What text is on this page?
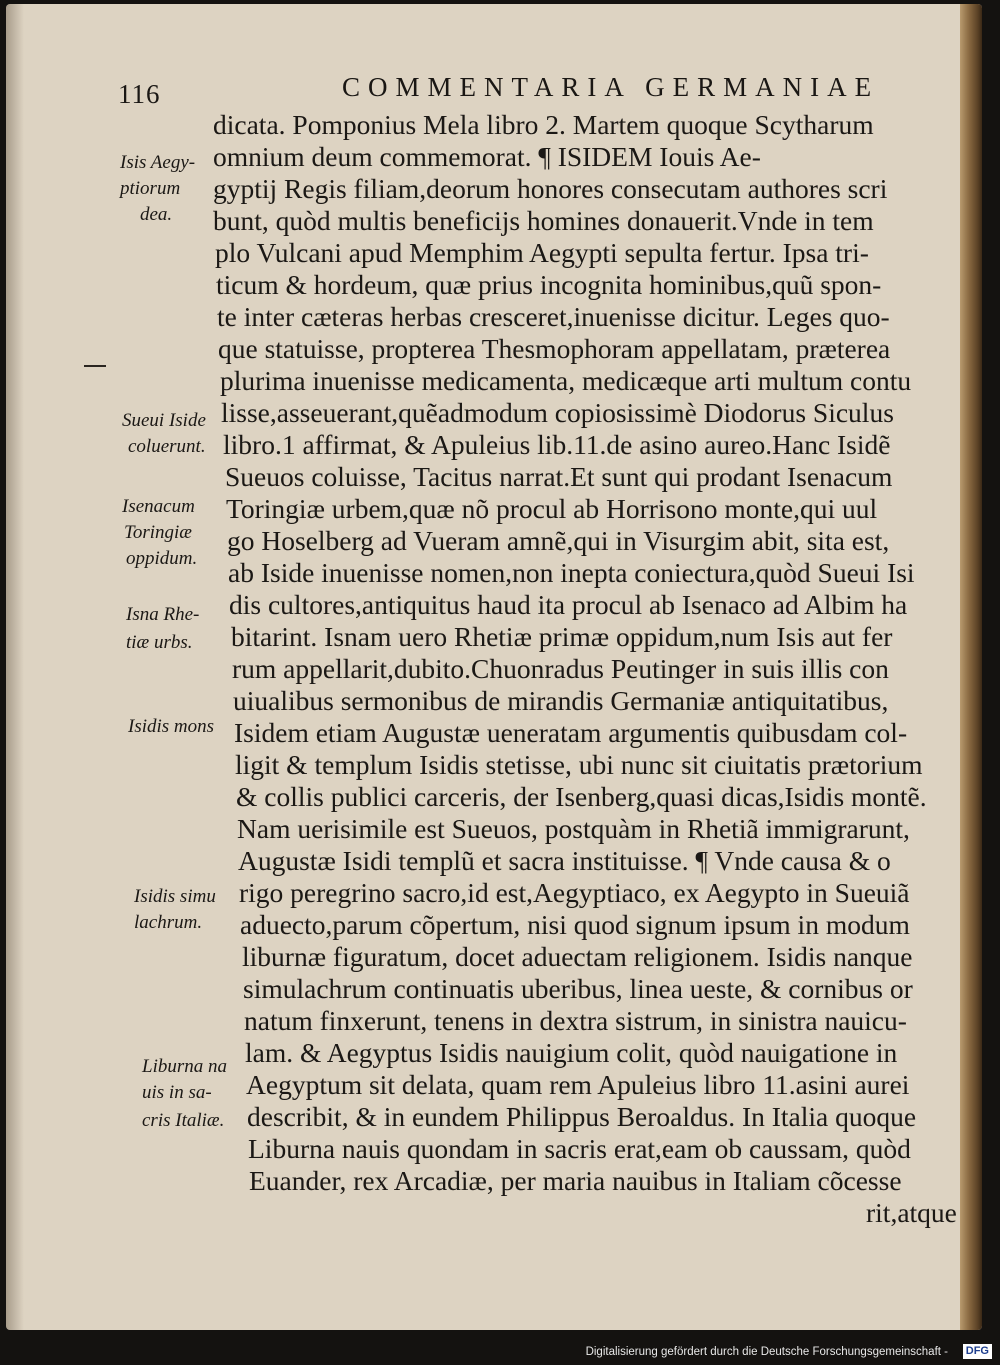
116	COMMENTARIA GERMANIAE
dicata. Pomponius Mela libro 2. Martem quoque Scytharum
omnium deum commemorat. ¶ ISIDEM Iouis Ae-
gyptij Regis filiam,deorum honores consecutam authores scri
bunt, quòd multis beneficijs homines donauerit.Vnde in tem
plo Vulcani apud Memphim Aegypti sepulta fertur. Ipsa tri-
ticum & hordeum, quæ prius incognita hominibus,quũ spon-
te inter cæteras herbas cresceret,inuenisse dicitur. Leges quo-
que statuisse, propterea Thesmophoram appellatam, præterea
plurima inuenisse medicamenta, medicæque arti multum contu
lisse,asseuerant,quẽadmodum copiosissimè Diodorus Siculus
libro.1 affirmat, & Apuleius lib.11.de asino aureo.Hanc Isidẽ
Sueuos coluisse, Tacitus narrat.Et sunt qui prodant Isenacum
Toringiæ urbem,quæ nõ procul ab Horrisono monte,qui uul
go Hoselberg ad Vueram amnẽ,qui in Visurgim abit, sita est,
ab Iside inuenisse nomen,non inepta coniectura,quòd Sueui Isi
dis cultores,antiquitus haud ita procul ab Isenaco ad Albim ha
bitarint. Isnam uero Rhetiæ primæ oppidum,num Isis aut fer
rum appellarit,dubito.Chuonradus Peutinger in suis illis con
uiualibus sermonibus de mirandis Germaniæ antiquitatibus,
Isidem etiam Augustæ ueneratam argumentis quibusdam col-
ligit & templum Isidis stetisse, ubi nunc sit ciuitatis prætorium
& collis publici carceris, der Isenberg,quasi dicas,Isidis montẽ.
Nam uerisimile est Sueuos, postquàm in Rhetiã immigrarunt,
Augustæ Isidi templũ et sacra instituisse. ¶ Vnde causa & o
rigo peregrino sacro,id est,Aegyptiaco, ex Aegypto in Sueuiã
aduecto,parum cõpertum, nisi quod signum ipsum in modum
liburnæ figuratum, docet aduectam religionem. Isidis nanque
simulachrum continuatis uberibus, linea ueste, & cornibus or
natum finxerunt, tenens in dextra sistrum, in sinistra nauicu-
lam. & Aegyptus Isidis nauigium colit, quòd nauigatione in
Aegyptum sit delata, quam rem Apuleius libro 11.asini aurei
describit, & in eundem Philippus Beroaldus. In Italia quoque
Liburna nauis quondam in sacris erat,eam ob caussam, quòd
Euander, rex Arcadiæ, per maria nauibus in Italiam cõcesse
rit,atque
Isis Aegy-
ptiorum
dea.
Sueui Iside
coluerunt.
Isenacum
Toringiæ
oppidum.
Isna Rhe-
tiæ urbs.
Isidis mons
Isidis simu
lachrum.
Liburna na
uis in sa-
cris Italiæ.
Digitalisierung gefördert durch die Deutsche Forschungsgemeinschaft - DFG
